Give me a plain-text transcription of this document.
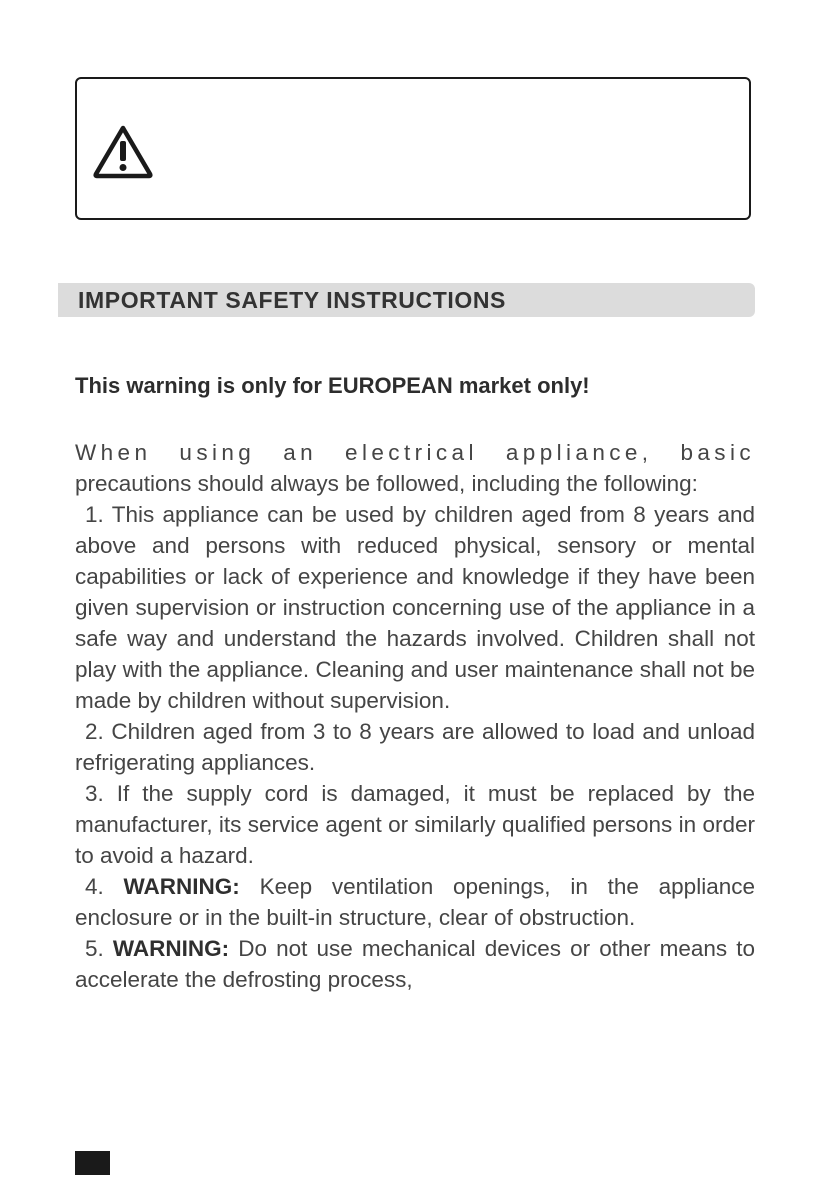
IMPORTANT SAFETY INSTRUCTIONS

This warning is only for EUROPEAN market only!

When using an electrical appliance, basic precautions should always be followed, including the following:

1. This appliance can be used by children aged from 8 years and above and persons with reduced physical, sensory or mental capabilities or lack of experience and knowledge if they have been given supervision or instruction concerning use of the appliance in a safe way and understand the hazards involved. Children shall not play with the appliance. Cleaning and user maintenance shall not be made by children without supervision.

2. Children aged from 3 to 8 years are allowed to load and unload refrigerating appliances.

3. If the supply cord is damaged, it must be replaced by the manufacturer, its service agent or similarly qualified persons in order to avoid a hazard.

4. WARNING: Keep ventilation openings, in the appliance enclosure or in the built-in structure, clear of obstruction.

5. WARNING: Do not use mechanical devices or other means to accelerate the defrosting process,
